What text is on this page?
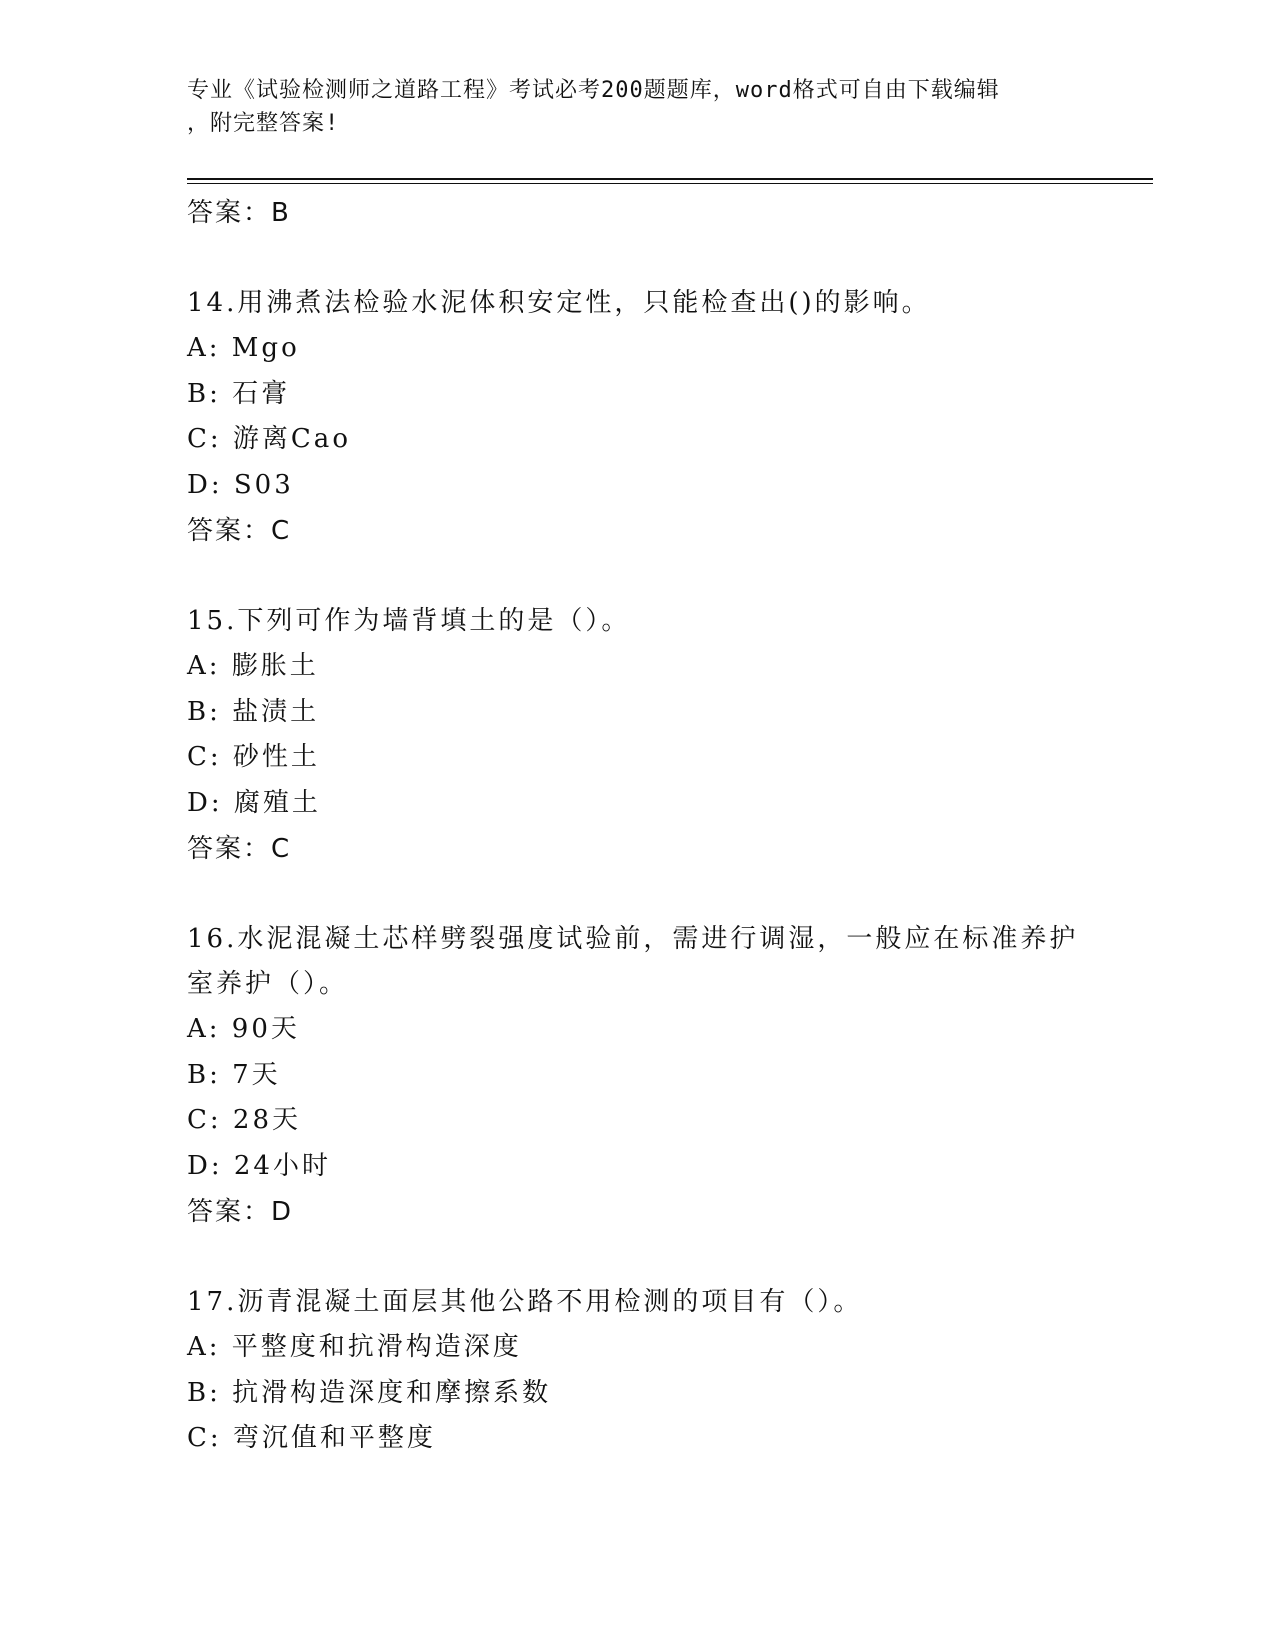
专业《试验检测师之道路工程》考试必考200题题库，word格式可自由下载编辑
，附完整答案!
答案：B
14.用沸煮法检验水泥体积安定性，只能检查出()的影响。
A: Mgo
B: 石膏
C: 游离Cao
D: S03
答案：C
15.下列可作为墙背填土的是（）。
A: 膨胀土
B: 盐渍土
C: 砂性土
D: 腐殖土
答案：C
16.水泥混凝土芯样劈裂强度试验前，需进行调湿，一般应在标准养护
室养护（）。
A: 90天
B: 7天
C: 28天
D: 24小时
答案：D
17.沥青混凝土面层其他公路不用检测的项目有（）。
A: 平整度和抗滑构造深度
B: 抗滑构造深度和摩擦系数
C: 弯沉值和平整度
